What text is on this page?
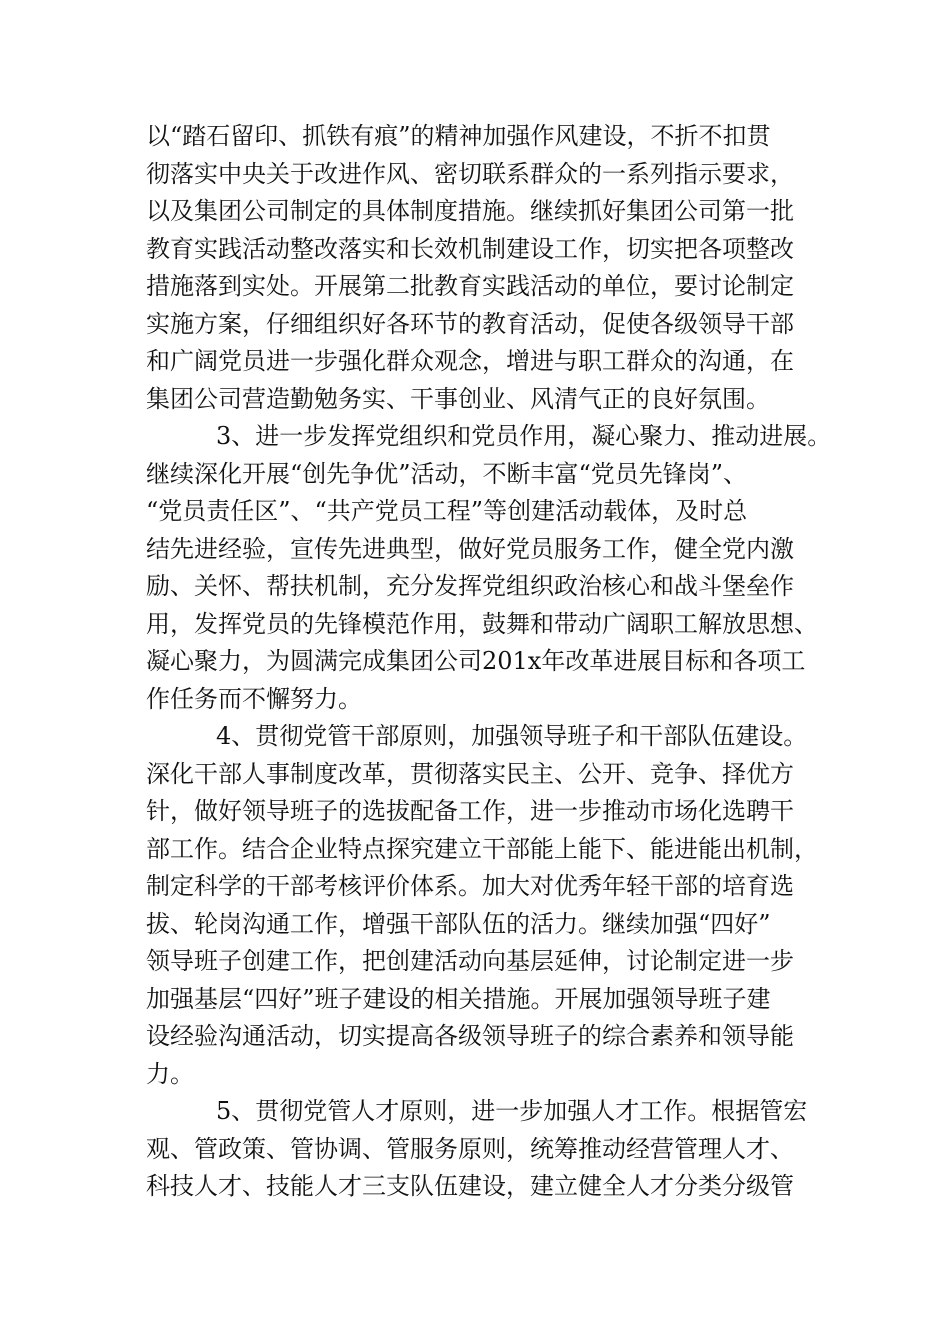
以“踏石留印、抓铁有痕”的精神加强作风建设，不折不扣贯
彻落实中央关于改进作风、密切联系群众的一系列指示要求，
以及集团公司制定的具体制度措施。继续抓好集团公司第一批
教育实践活动整改落实和长效机制建设工作，切实把各项整改
措施落到实处。开展第二批教育实践活动的单位，要讨论制定
实施方案，仔细组织好各环节的教育活动，促使各级领导干部
和广阔党员进一步强化群众观念，增进与职工群众的沟通，在
集团公司营造勤勉务实、干事创业、风清气正的良好氛围。
3、进一步发挥党组织和党员作用，凝心聚力、推动进展。
继续深化开展“创先争优”活动，不断丰富“党员先锋岗”、
“党员责任区”、“共产党员工程”等创建活动载体，及时总
结先进经验，宣传先进典型，做好党员服务工作，健全党内激
励、关怀、帮扶机制，充分发挥党组织政治核心和战斗堡垒作
用，发挥党员的先锋模范作用，鼓舞和带动广阔职工解放思想、
凝心聚力，为圆满完成集团公司201x年改革进展目标和各项工
作任务而不懈努力。
4、贯彻党管干部原则，加强领导班子和干部队伍建设。
深化干部人事制度改革，贯彻落实民主、公开、竞争、择优方
针，做好领导班子的选拔配备工作，进一步推动市场化选聘干
部工作。结合企业特点探究建立干部能上能下、能进能出机制，
制定科学的干部考核评价体系。加大对优秀年轻干部的培育选
拔、轮岗沟通工作，增强干部队伍的活力。继续加强“四好”
领导班子创建工作，把创建活动向基层延伸，讨论制定进一步
加强基层“四好”班子建设的相关措施。开展加强领导班子建
设经验沟通活动，切实提高各级领导班子的综合素养和领导能
力。
5、贯彻党管人才原则，进一步加强人才工作。根据管宏
观、管政策、管协调、管服务原则，统筹推动经营管理人才、
科技人才、技能人才三支队伍建设，建立健全人才分类分级管
